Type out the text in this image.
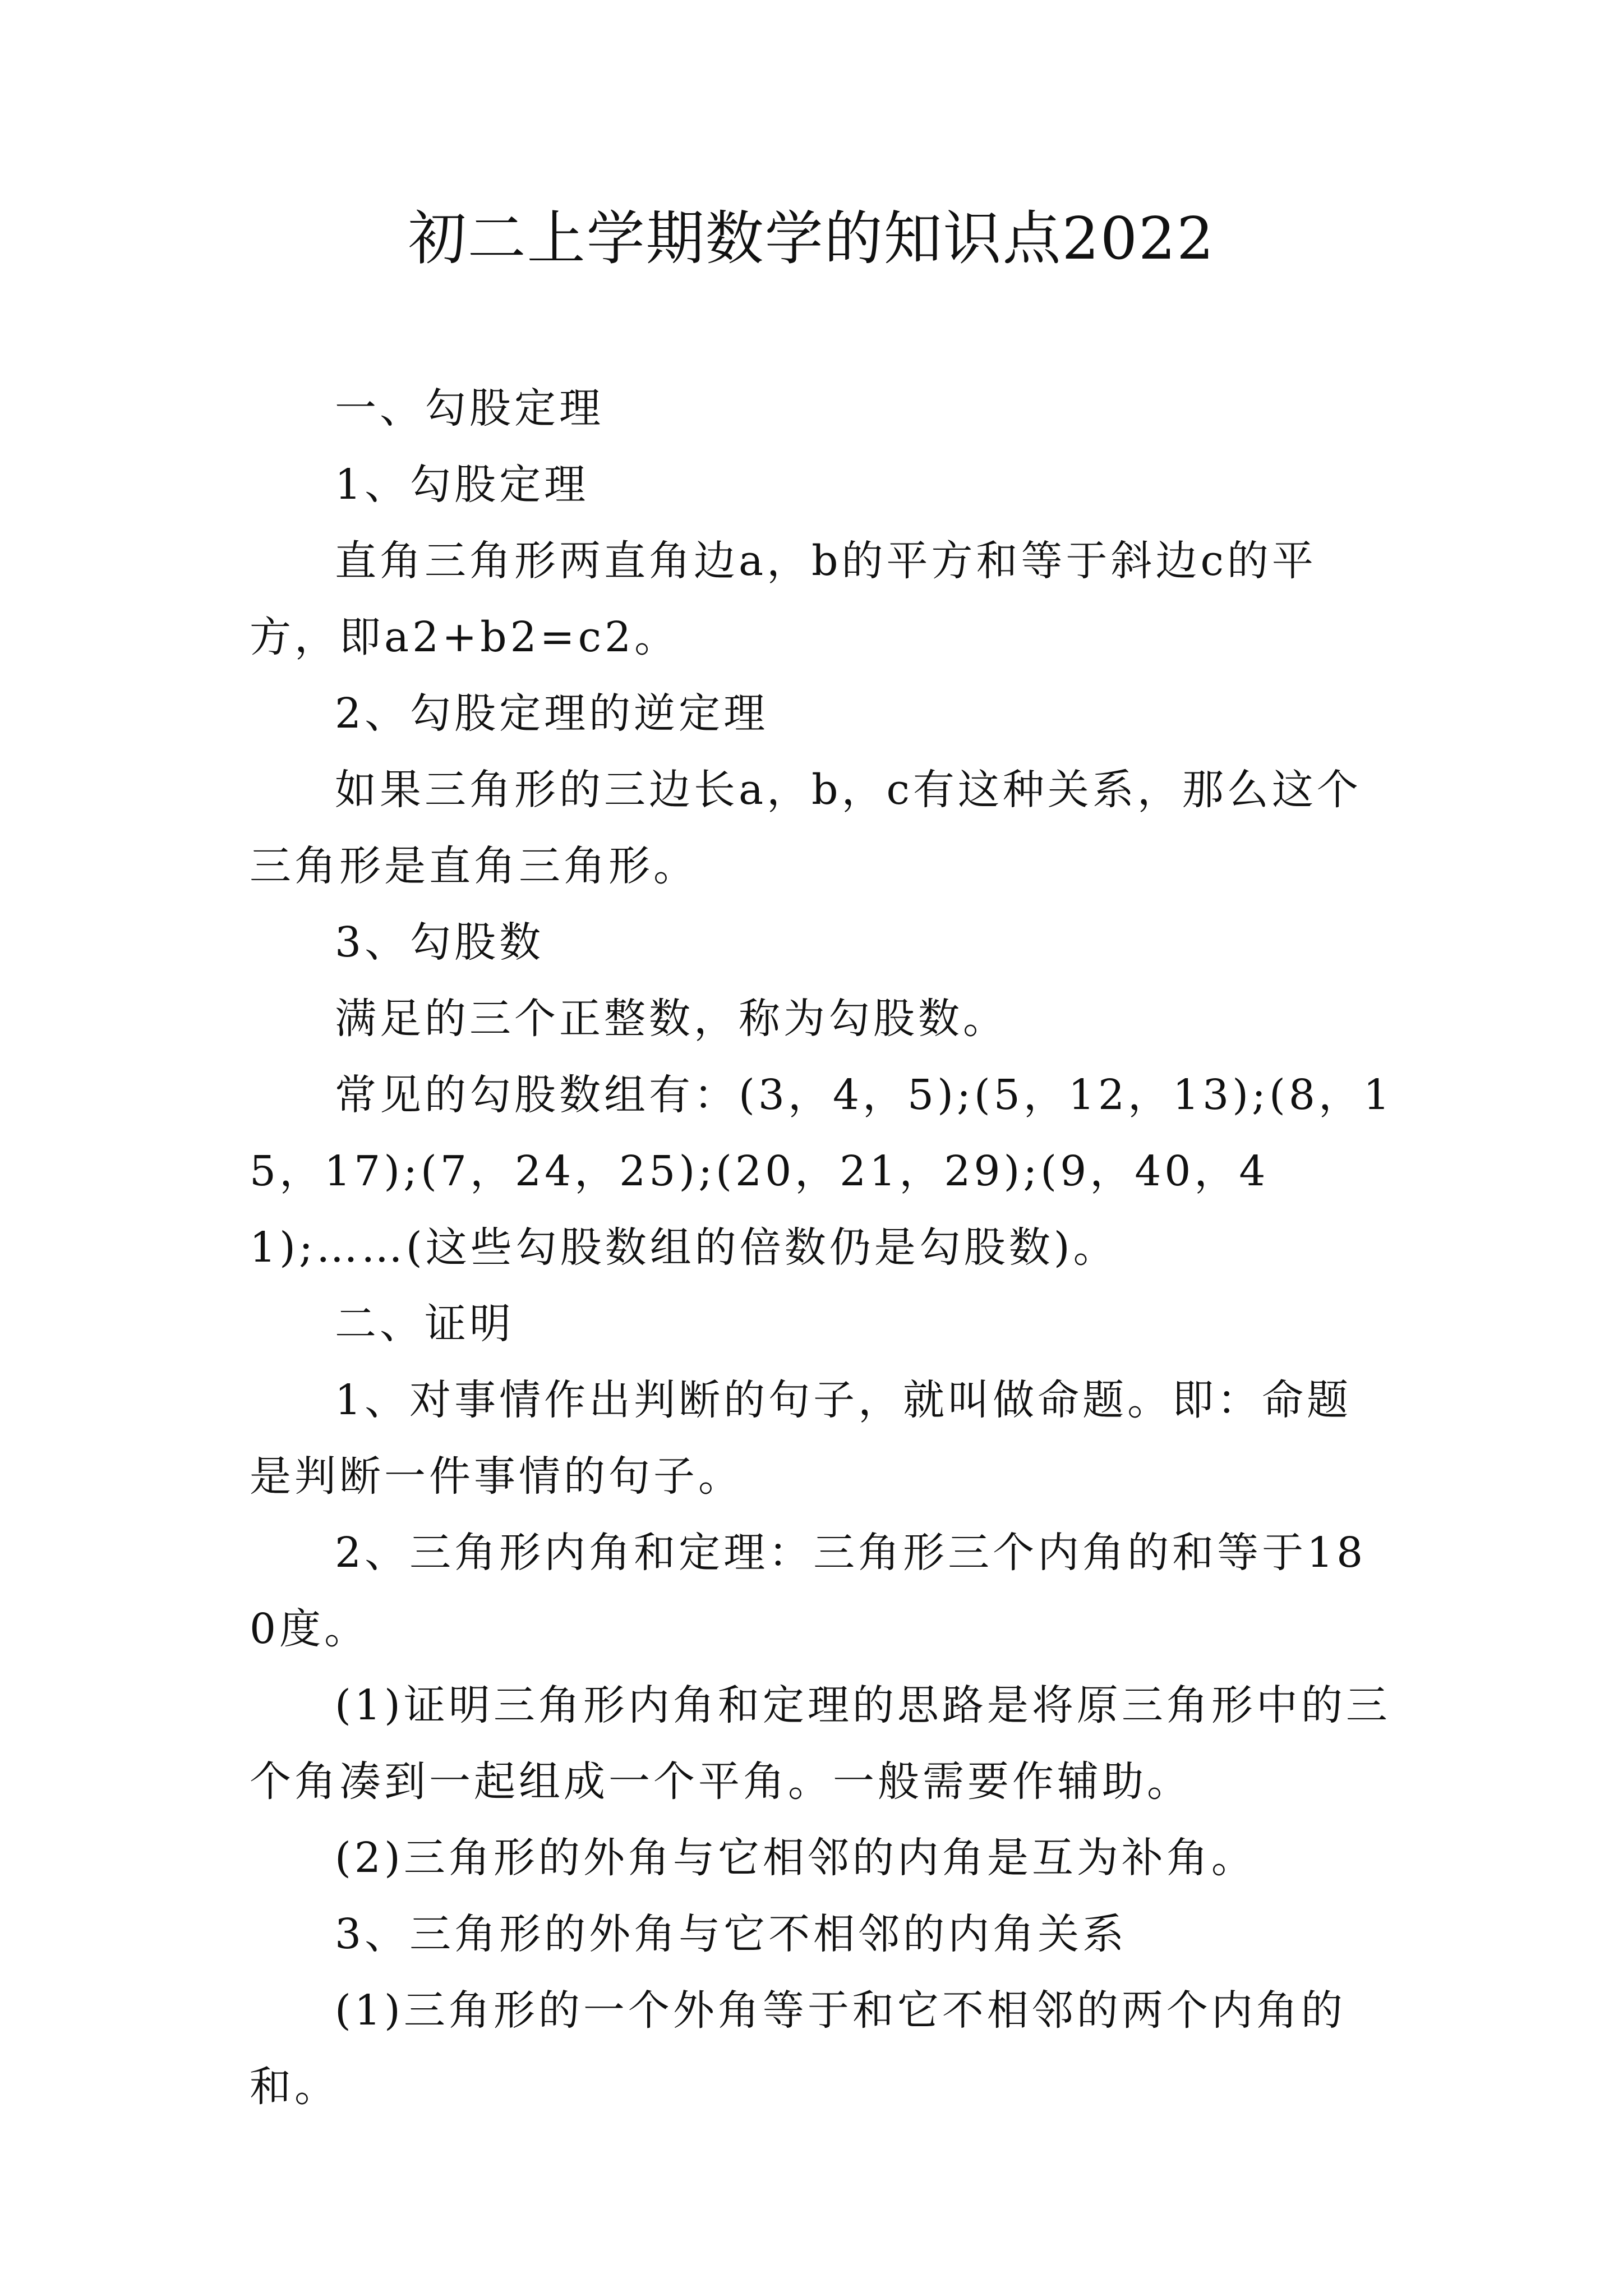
初二上学期数学的知识点2022

一、勾股定理

1、勾股定理

直角三角形两直角边a，b的平方和等于斜边c的平方，即a2+b2=c2。

2、勾股定理的逆定理

如果三角形的三边长a，b，c有这种关系，那么这个三角形是直角三角形。

3、勾股数

满足的三个正整数，称为勾股数。

常见的勾股数组有：(3，4，5);(5，12，13);(8，15，17);(7，24，25);(20，21，29);(9，40，41);……(这些勾股数组的倍数仍是勾股数)。

二、证明

1、对事情作出判断的句子，就叫做命题。即：命题是判断一件事情的句子。

2、三角形内角和定理：三角形三个内角的和等于180度。

(1)证明三角形内角和定理的思路是将原三角形中的三个角凑到一起组成一个平角。一般需要作辅助。

(2)三角形的外角与它相邻的内角是互为补角。

3、三角形的外角与它不相邻的内角关系

(1)三角形的一个外角等于和它不相邻的两个内角的和。
